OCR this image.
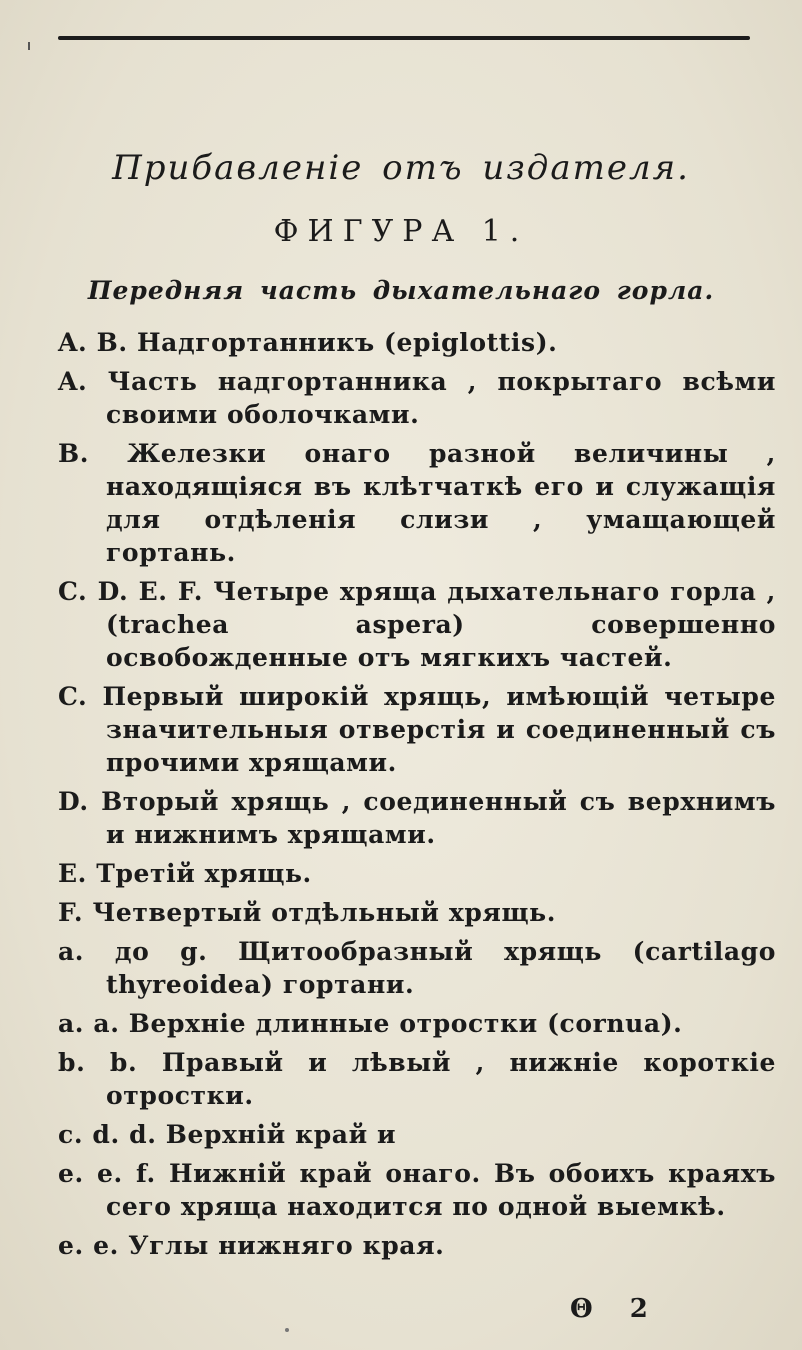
Прибавленіе отъ издателя.
ФИГУРА 1.
Передняя часть дыхательнаго горла.
A. B. Надгортанникъ (epiglottis).
A. Часть надгортанника , покрытаго всѣми своими оболочками.
B. Железки онаго разной величины , находящіяся въ клѣтчаткѣ его и служащія для отдѣленія слизи , умащающей гортань.
C. D. E. F. Четыре хряща дыхательнаго горла , (trachea aspera) совершенно освобожденные отъ мягкихъ частей.
C. Первый широкій хрящь, имѣющій четыре значительныя отверстія и соединенный съ прочими хрящами.
D. Вторый хрящь , соединенный съ верхнимъ и нижнимъ хрящами.
E. Третій хрящь.
F. Четвертый отдѣльный хрящь.
a. до g. Щитообразный хрящь (cartilago thyreoidea) гортани.
a. a. Верхніе длинные отростки (cornua).
b. b. Правый и лѣвый , нижніе короткіе отростки.
c. d. d. Верхній край и
e. e. f. Нижній край онаго. Въ обоихъ краяхъ сего хряща находится по одной выемкѣ.
e. e. Углы нижняго края.
Θ 2
